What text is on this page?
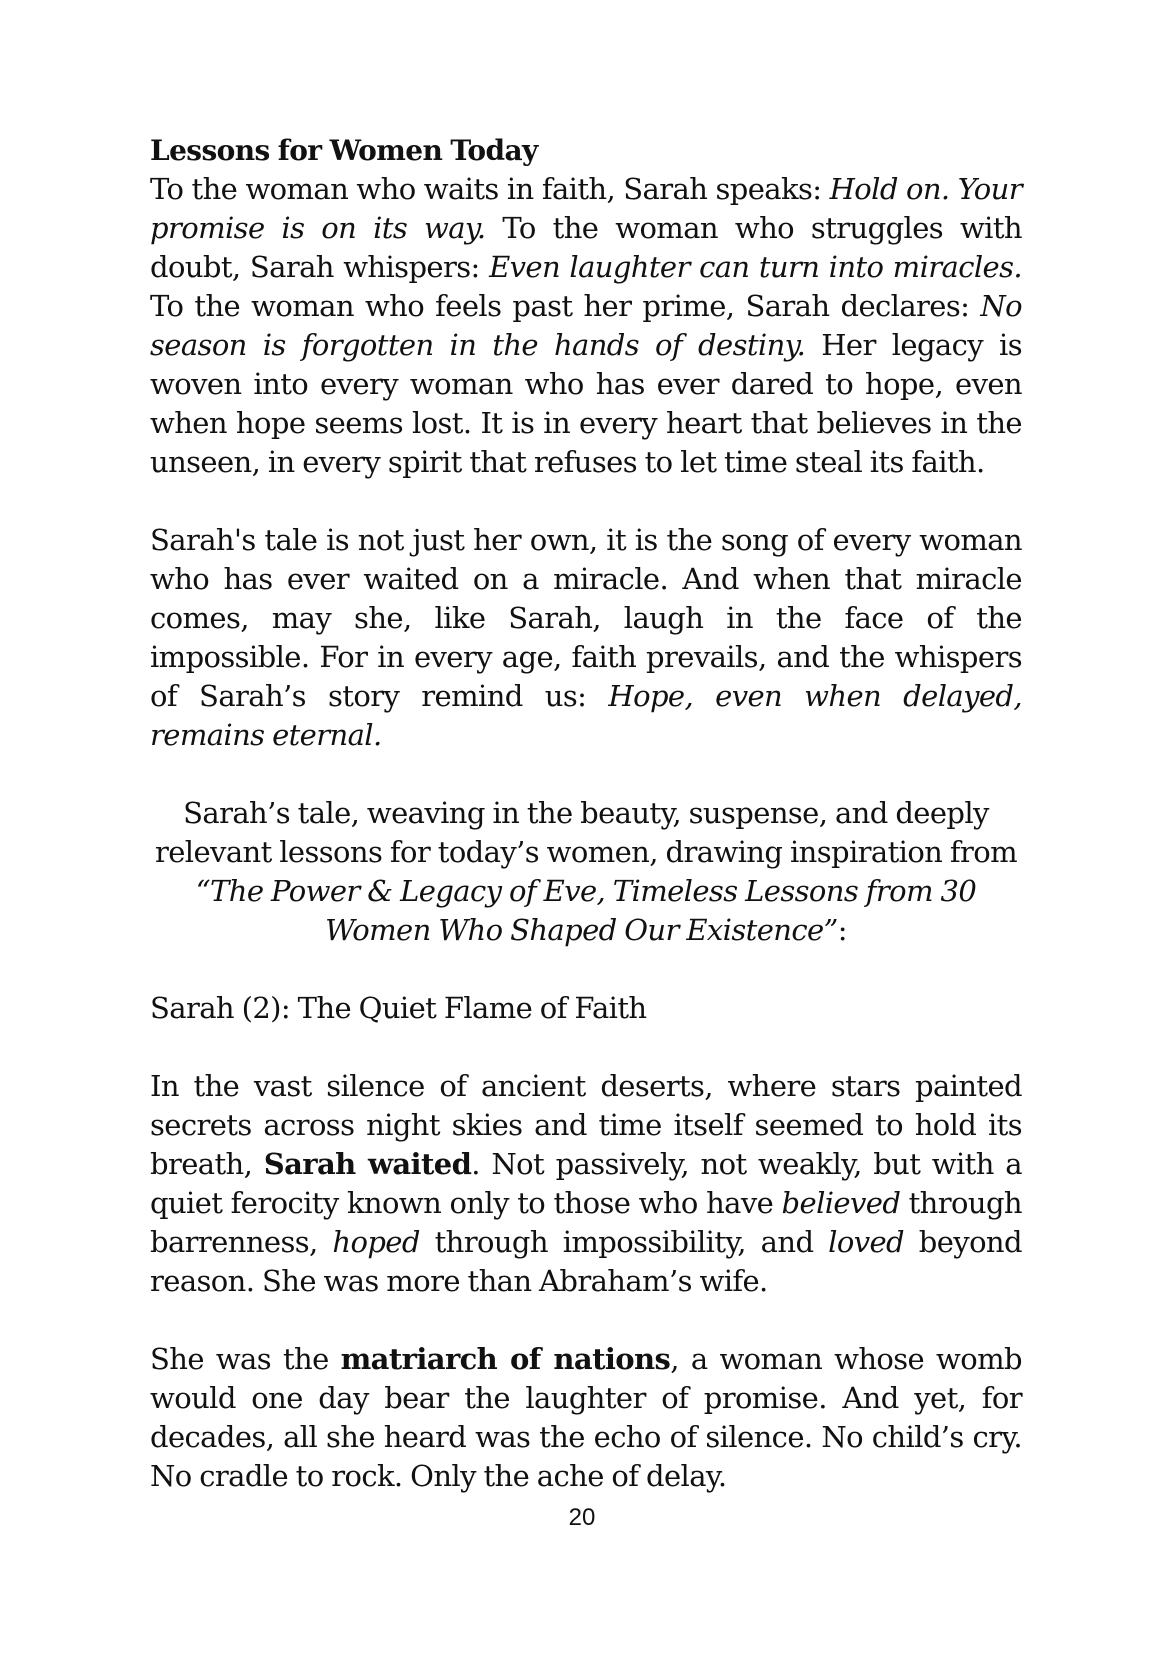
Lessons for Women Today

To the woman who waits in faith, Sarah speaks: Hold on. Your promise is on its way. To the woman who struggles with doubt, Sarah whispers: Even laughter can turn into miracles. To the woman who feels past her prime, Sarah declares: No season is forgotten in the hands of destiny. Her legacy is woven into every woman who has ever dared to hope, even when hope seems lost. It is in every heart that believes in the unseen, in every spirit that refuses to let time steal its faith.

Sarah's tale is not just her own, it is the song of every woman who has ever waited on a miracle. And when that miracle comes, may she, like Sarah, laugh in the face of the impossible. For in every age, faith prevails, and the whispers of Sarah’s story remind us: Hope, even when delayed, remains eternal.

Sarah’s tale, weaving in the beauty, suspense, and deeply relevant lessons for today’s women, drawing inspiration from “The Power & Legacy of Eve, Timeless Lessons from 30 Women Who Shaped Our Existence”:

Sarah (2): The Quiet Flame of Faith

In the vast silence of ancient deserts, where stars painted secrets across night skies and time itself seemed to hold its breath, Sarah waited. Not passively, not weakly, but with a quiet ferocity known only to those who have believed through barrenness, hoped through impossibility, and loved beyond reason. She was more than Abraham’s wife.

She was the matriarch of nations, a woman whose womb would one day bear the laughter of promise. And yet, for decades, all she heard was the echo of silence. No child’s cry. No cradle to rock. Only the ache of delay.

20
